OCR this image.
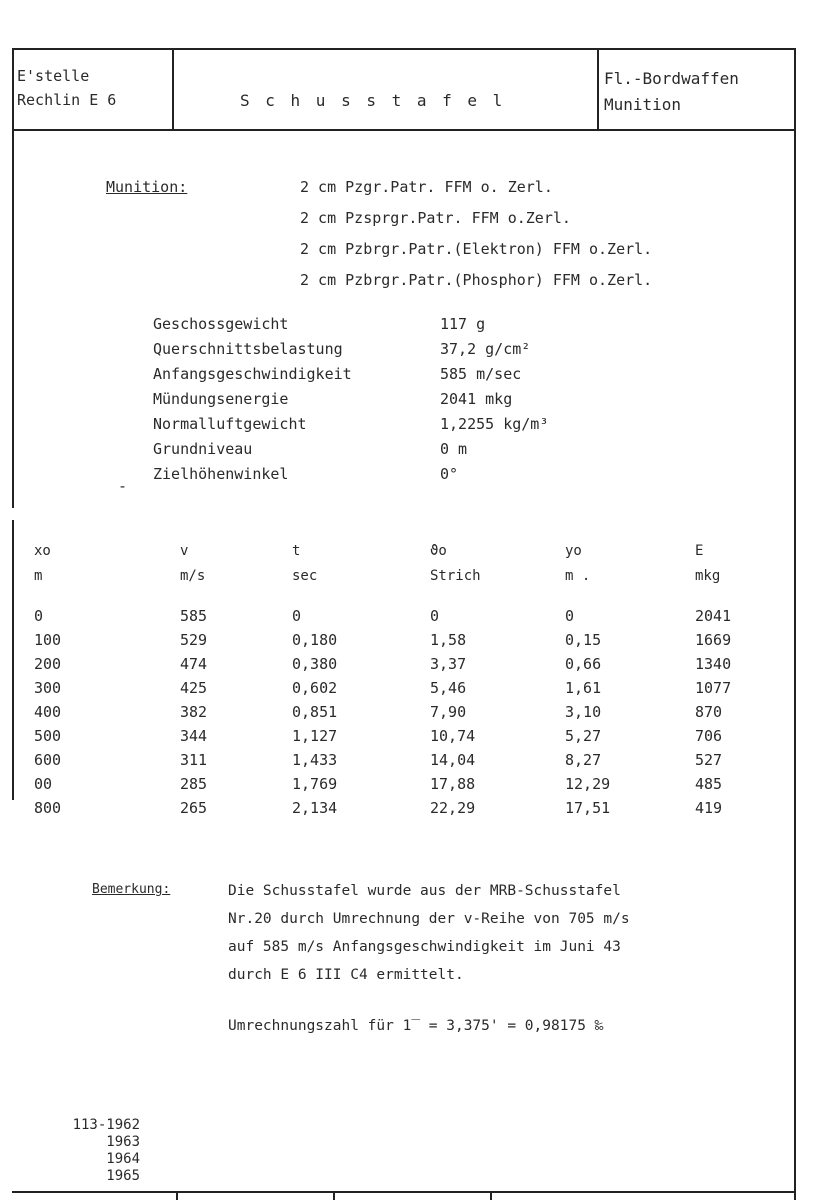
E'stelle
Rechlin E 6	S c h u s s t a f e l
Fl.-Bordwaffen
Munition
Munition:	2 cm Pzgr.Patr. FFM o. Zerl.
2 cm Pzsprgr.Patr. FFM o.Zerl.
2 cm Pzbrgr.Patr.(Elektron) FFM o.Zerl.
2 cm Pzbrgr.Patr.(Phosphor) FFM o.Zerl.
Geschossgewicht	117 g
Querschnittsbelastung	37,2 g/cm²
Anfangsgeschwindigkeit	585 m/sec
Mündungsenergie	2041 mkg
Normalluftgewicht	1,2255 kg/m³
Grundniveau	0 m
Zielhöhenwinkel	0°
-
xo	v	t	ϑo	yo	E
m	m/s	sec	Strich	m .	mkg

0	585	0	0	0	2041
100	529	0,180	1,58	0,15	1669
200	474	0,380	3,37	0,66	1340
300	425	0,602	5,46	1,61	1077
400	382	0,851	7,90	3,10	870
500	344	1,127	10,74	5,27	706
600	311	1,433	14,04	8,27	527
00	285	1,769	17,88	12,29	485
800	265	2,134	22,29	17,51	419
Bemerkung:	Die Schusstafel wurde aus der MRB-Schusstafel
Nr.20 durch Umrechnung der v-Reihe von 705 m/s
auf 585 m/s Anfangsgeschwindigkeit im Juni 43
durch E 6 III C4 ermittelt.
Umrechnungszahl für 1‾ = 3,375' = 0,98175 ‰
113-1962
1963
1964
1965
